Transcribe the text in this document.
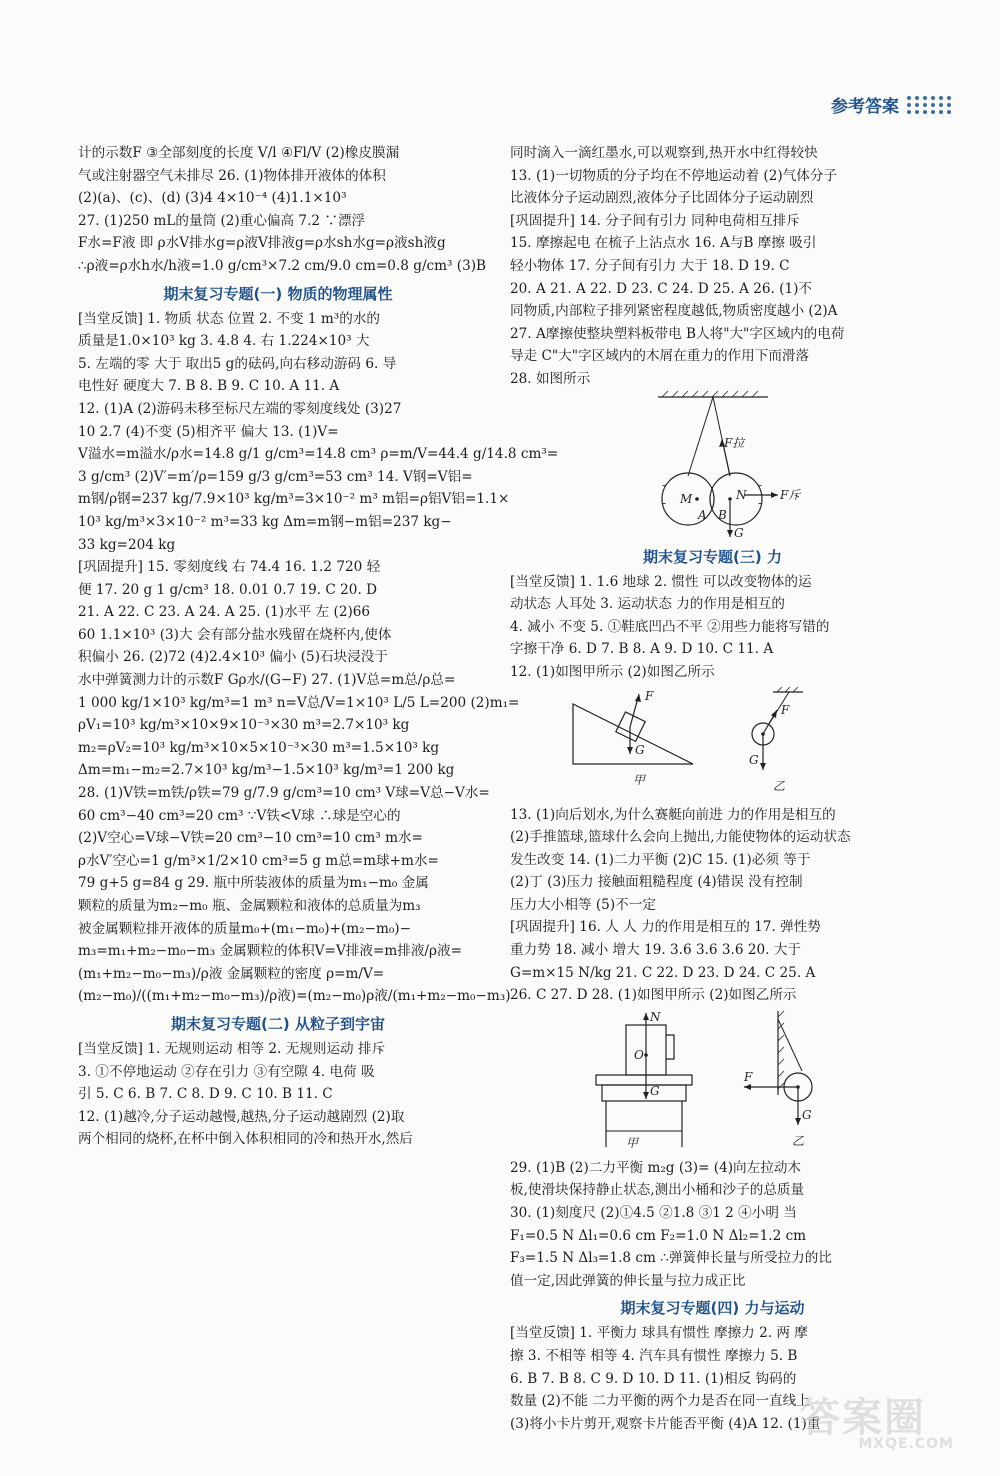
参考答案

计的示数F ③全部刻度的长度 V/l ④Fl/V (2)橡皮膜漏

气或注射器空气未排尽 26. (1)物体排开液体的体积

(2)(a)、(c)、(d) (3)4 4×10⁻⁴ (4)1.1×10³

27. (1)250 mL的量筒 (2)重心偏高 7.2 ∵漂浮

F水=F液 即 ρ水V排水g=ρ液V排液g=ρ水sh水g=ρ液sh液g

∴ρ液=ρ水h水/h液=1.0 g/cm³×7.2 cm/9.0 cm=0.8 g/cm³ (3)B

期末复习专题(一) 物质的物理属性

[当堂反馈] 1. 物质 状态 位置 2. 不变 1 m³的水的

质量是1.0×10³ kg 3. 4.8 4. 右 1.224×10³ 大

5. 左端的零 大于 取出5 g的砝码,向右移动游码 6. 导

电性好 硬度大 7. B 8. B 9. C 10. A 11. A

12. (1)A (2)游码未移至标尺左端的零刻度线处 (3)27

10 2.7 (4)不变 (5)相齐平 偏大 13. (1)V=

V溢水=m溢水/ρ水=14.8 g/1 g/cm³=14.8 cm³ ρ=m/V=44.4 g/14.8 cm³=

3 g/cm³ (2)V′=m′/ρ=159 g/3 g/cm³=53 cm³ 14. V钢=V铝=

m钢/ρ钢=237 kg/7.9×10³ kg/m³=3×10⁻² m³ m铝=ρ铝V铝=1.1×

10³ kg/m³×3×10⁻² m³=33 kg Δm=m钢−m铝=237 kg−

33 kg=204 kg

[巩固提升] 15. 零刻度线 右 74.4 16. 1.2 720 轻

便 17. 20 g 1 g/cm³ 18. 0.01 0.7 19. C 20. D

21. A 22. C 23. A 24. A 25. (1)水平 左 (2)66

60 1.1×10³ (3)大 会有部分盐水残留在烧杯内,使体

积偏小 26. (2)72 (4)2.4×10³ 偏小 (5)石块浸没于

水中弹簧测力计的示数F Gρ水/(G−F) 27. (1)V总=m总/ρ总=

1 000 kg/1×10³ kg/m³=1 m³ n=V总/V=1×10³ L/5 L=200 (2)m₁=

ρV₁=10³ kg/m³×10×9×10⁻³×30 m³=2.7×10³ kg

m₂=ρV₂=10³ kg/m³×10×5×10⁻³×30 m³=1.5×10³ kg

Δm=m₁−m₂=2.7×10³ kg/m³−1.5×10³ kg/m³=1 200 kg

28. (1)V铁=m铁/ρ铁=79 g/7.9 g/cm³=10 cm³ V球=V总−V水=

60 cm³−40 cm³=20 cm³ ∵V铁<V球 ∴球是空心的

(2)V空心=V球−V铁=20 cm³−10 cm³=10 cm³ m水=

ρ水V′空心=1 g/m³×1/2×10 cm³=5 g m总=m球+m水=

79 g+5 g=84 g 29. 瓶中所装液体的质量为m₁−m₀ 金属

颗粒的质量为m₂−m₀ 瓶、金属颗粒和液体的总质量为m₃

被金属颗粒排开液体的质量m₀+(m₁−m₀)+(m₂−m₀)−

m₃=m₁+m₂−m₀−m₃ 金属颗粒的体积V=V排液=m排液/ρ液=

(m₁+m₂−m₀−m₃)/ρ液 金属颗粒的密度 ρ=m/V=

(m₂−m₀)/((m₁+m₂−m₀−m₃)/ρ液)=(m₂−m₀)ρ液/(m₁+m₂−m₀−m₃)

期末复习专题(二) 从粒子到宇宙

[当堂反馈] 1. 无规则运动 相等 2. 无规则运动 排斥

3. ①不停地运动 ②存在引力 ③有空隙 4. 电荷 吸

引 5. C 6. B 7. C 8. D 9. C 10. B 11. C

12. (1)越冷,分子运动越慢,越热,分子运动越剧烈 (2)取

两个相同的烧杯,在杯中倒入体积相同的冷和热开水,然后

同时滴入一滴红墨水,可以观察到,热开水中红得较快

13. (1)一切物质的分子均在不停地运动着 (2)气体分子

比液体分子运动剧烈,液体分子比固体分子运动剧烈

[巩固提升] 14. 分子间有引力 同种电荷相互排斥

15. 摩擦起电 在梳子上沾点水 16. A与B 摩擦 吸引

轻小物体 17. 分子间有引力 大于 18. D 19. C

20. A 21. A 22. D 23. C 24. D 25. A 26. (1)不

同物质,内部粒子排列紧密程度越低,物质密度越小 (2)A

27. A摩擦使整块塑料板带电 B人将"大"字区域内的电荷

导走 C"大"字区域内的木屑在重力的作用下而滑落

28. 如图所示

-
-
-
-
F拉
M
A B
N	F斥
G
期末复习专题(三) 力

[当堂反馈] 1. 1.6 地球 2. 惯性 可以改变物体的运

动状态 人耳处 3. 运动状态 力的作用是相互的

4. 减小 不变 5. ①鞋底凹凸不平 ②用些力能将写错的

字擦干净 6. D 7. B 8. A 9. D 10. C 11. A

12. (1)如图甲所示 (2)如图乙所示

F
G
甲
F
G
乙

13. (1)向后划水,为什么赛艇向前进 力的作用是相互的

(2)手推篮球,篮球什么会向上抛出,力能使物体的运动状态

发生改变 14. (1)二力平衡 (2)C 15. (1)必须 等于

(2)丁 (3)压力 接触面粗糙程度 (4)错误 没有控制

压力大小相等 (5)不一定

[巩固提升] 16. 人 人 力的作用是相互的 17. 弹性势

重力势 18. 减小 增大 19. 3.6 3.6 3.6 20. 大于

G=m×15 N/kg 21. C 22. D 23. D 24. C 25. A

26. C 27. D 28. (1)如图甲所示 (2)如图乙所示

N
O
G
F
G
甲	乙

29. (1)B (2)二力平衡 m₂g (3)= (4)向左拉动木

板,使滑块保持静止状态,测出小桶和沙子的总质量

30. (1)刻度尺 (2)①4.5 ②1.8 ③1 2 ④小明 当

F₁=0.5 N Δl₁=0.6 cm F₂=1.0 N Δl₂=1.2 cm

F₃=1.5 N Δl₃=1.8 cm ∴弹簧伸长量与所受拉力的比

值一定,因此弹簧的伸长量与拉力成正比

期末复习专题(四) 力与运动

[当堂反馈] 1. 平衡力 球具有惯性 摩擦力 2. 两 摩

擦 3. 不相等 相等 4. 汽车具有惯性 摩擦力 5. B

6. B 7. B 8. C 9. D 10. D 11. (1)相反 钩码的

数量 (2)不能 二力平衡的两个力是否在同一直线上

(3)将小卡片剪开,观察卡片能否平衡 (4)A 12. (1)重

答案圈
MXQE.COM
